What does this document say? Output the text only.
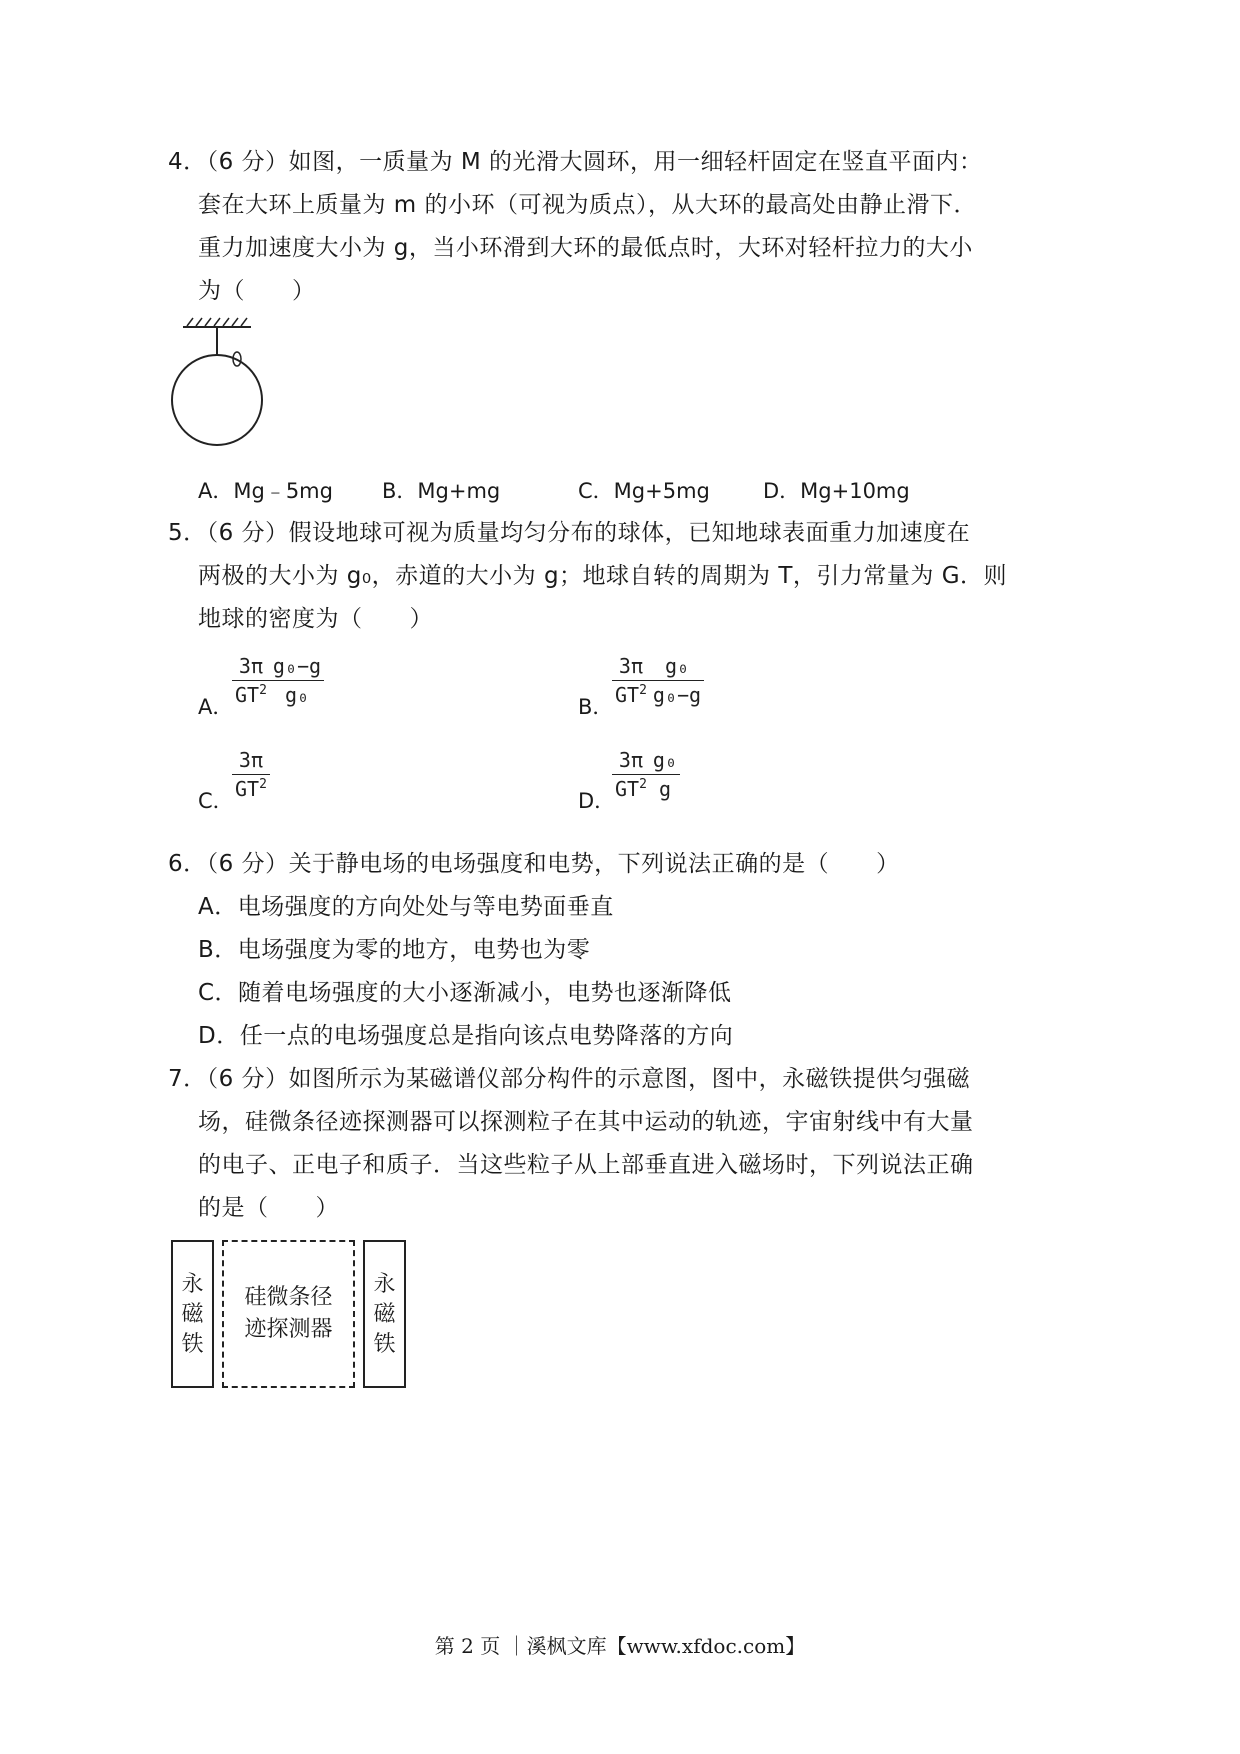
4．（6 分）如图，一质量为 M 的光滑大圆环，用一细轻杆固定在竖直平面内：
套在大环上质量为 m 的小环（可视为质点），从大环的最高处由静止滑下．
重力加速度大小为 g，当小环滑到大环的最低点时，大环对轻杆拉力的大小
为（　　）
A．Mg﹣5mg B．Mg+mg	C．Mg+5mg	D．Mg+10mg
5．（6 分）假设地球可视为质量均匀分布的球体，已知地球表面重力加速度在
两极的大小为 g₀，赤道的大小为 g；地球自转的周期为 T，引力常量为 G．则
地球的密度为（　　）
A．
$\frac{3\pi}{GT^2} \frac{\text{g₀−g}}{\text{g₀}}$	B．
$\frac{3\pi}{GT^2} \frac{\text{g₀}}{\text{g₀−g}}$
C．
$\frac{3\pi}{GT^2}$	D．
$\frac{3\pi}{GT^2} \frac{\text{g₀}}{g}$
6．（6 分）关于静电场的电场强度和电势，下列说法正确的是（　　）
A．电场强度的方向处处与等电势面垂直
B．电场强度为零的地方，电势也为零
C．随着电场强度的大小逐渐减小，电势也逐渐降低
D．任一点的电场强度总是指向该点电势降落的方向
7．（6 分）如图所示为某磁谱仪部分构件的示意图，图中，永磁铁提供匀强磁
场，硅微条径迹探测器可以探测粒子在其中运动的轨迹，宇宙射线中有大量
的电子、正电子和质子．当这些粒子从上部垂直进入磁场时，下列说法正确
的是（　　）
永
磁
铁
硅微条径
迹探测器
永
磁
铁
第 2 页 ｜溪枫文库【www.xfdoc.com】
